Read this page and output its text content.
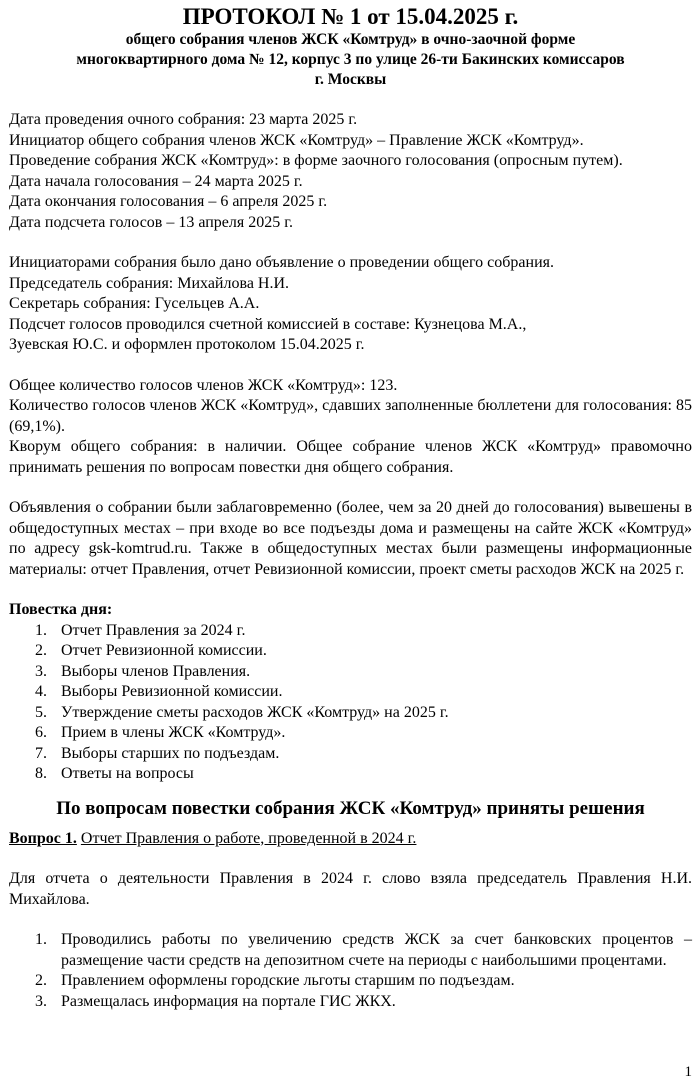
ПРОТОКОЛ № 1 от 15.04.2025 г.
общего собрания членов ЖСК «Комтруд» в очно-заочной форме
многоквартирного дома № 12, корпус 3 по улице 26-ти Бакинских комиссаров
г. Москвы

Дата проведения очного собрания: 23 марта 2025 г.

Инициатор общего собрания членов ЖСК «Комтруд» – Правление ЖСК «Комтруд».

Проведение собрания ЖСК «Комтруд»: в форме заочного голосования (опросным путем).

Дата начала голосования – 24 марта 2025 г.

Дата окончания голосования – 6 апреля 2025 г.

Дата подсчета голосов – 13 апреля 2025 г.

Инициаторами собрания было дано объявление о проведении общего собрания.

Председатель собрания: Михайлова Н.И.

Секретарь собрания: Гусельцев А.А.

Подсчет голосов проводился счетной комиссией в составе: Кузнецова М.А.,

Зуевская Ю.С. и оформлен протоколом 15.04.2025 г.

Общее количество голосов членов ЖСК «Комтруд»: 123.

Количество голосов членов ЖСК «Комтруд», сдавших заполненные бюллетени для голосования: 85 (69,1%).

Кворум общего собрания: в наличии. Общее собрание членов ЖСК «Комтруд» правомочно принимать решения по вопросам повестки дня общего собрания.

Объявления о собрании были заблаговременно (более, чем за 20 дней до голосования) вывешены в общедоступных местах – при входе во все подъезды дома и размещены на сайте ЖСК «Комтруд» по адресу gsk-komtrud.ru. Также в общедоступных местах были размещены информационные материалы: отчет Правления, отчет Ревизионной комиссии, проект сметы расходов ЖСК на 2025 г.

Повестка дня:

1. Отчет Правления за 2024 г.
2. Отчет Ревизионной комиссии.
3. Выборы членов Правления.
4. Выборы Ревизионной комиссии.
5. Утверждение сметы расходов ЖСК «Комтруд» на 2025 г.
6. Прием в члены ЖСК «Комтруд».
7. Выборы старших по подъездам.
8. Ответы на вопросы
По вопросам повестки собрания ЖСК «Комтруд» приняты решения

Вопрос 1. Отчет Правления о работе, проведенной в 2024 г.

Для отчета о деятельности Правления в 2024 г. слово взяла председатель Правления Н.И. Михайлова.

1. Проводились работы по увеличению средств ЖСК за счет банковских процентов – размещение части средств на депозитном счете на периоды с наибольшими процентами.
2. Правлением оформлены городские льготы старшим по подъездам.
3. Размещалась информация на портале ГИС ЖКХ.
1
